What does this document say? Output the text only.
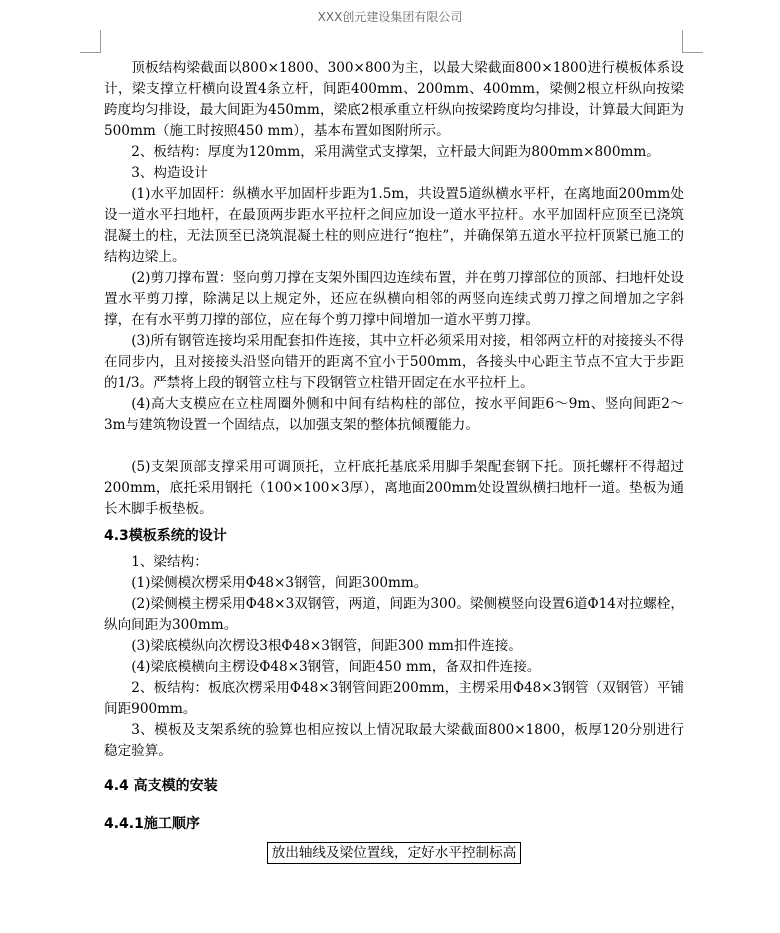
XXX创元建设集团有限公司

顶板结构梁截面以800×1800、300×800为主，以最大梁截面800×1800进行模板体系设计，梁支撑立杆横向设置4条立杆，间距400mm、200mm、400mm，梁侧2根立杆纵向按梁跨度均匀排设，最大间距为450mm，梁底2根承重立杆纵向按梁跨度均匀排设，计算最大间距为500mm（施工时按照450 mm），基本布置如图附所示。

2、板结构：厚度为120mm，采用满堂式支撑架，立杆最大间距为800mm×800mm。

3、构造设计

(1)水平加固杆：纵横水平加固杆步距为1.5m，共设置5道纵横水平杆，在离地面200mm处设一道水平扫地杆，在最顶两步距水平拉杆之间应加设一道水平拉杆。水平加固杆应顶至已浇筑混凝土的柱，无法顶至已浇筑混凝土柱的则应进行“抱柱”，并确保第五道水平拉杆顶紧已施工的结构边梁上。

(2)剪刀撑布置：竖向剪刀撑在支架外围四边连续布置，并在剪刀撑部位的顶部、扫地杆处设置水平剪刀撑，除满足以上规定外，还应在纵横向相邻的两竖向连续式剪刀撑之间增加之字斜撑，在有水平剪刀撑的部位，应在每个剪刀撑中间增加一道水平剪刀撑。

(3)所有钢管连接均采用配套扣件连接，其中立杆必须采用对接，相邻两立杆的对接接头不得在同步内，且对接接头沿竖向错开的距离不宜小于500mm，各接头中心距主节点不宜大于步距的1/3。严禁将上段的钢管立柱与下段钢管立柱错开固定在水平拉杆上。

(4)高大支模应在立柱周圈外侧和中间有结构柱的部位，按水平间距6～9m、竖向间距2～3m与建筑物设置一个固结点，以加强支架的整体抗倾覆能力。

(5)支架顶部支撑采用可调顶托，立杆底托基底采用脚手架配套钢下托。顶托螺杆不得超过200mm，底托采用钢托（100×100×3厚），离地面200mm处设置纵横扫地杆一道。垫板为通长木脚手板垫板。

4.3模板系统的设计

1、梁结构：

(1)梁侧模次楞采用Φ48×3钢管，间距300mm。

(2)梁侧模主楞采用Φ48×3双钢管，两道，间距为300。梁侧模竖向设置6道Φ14对拉螺栓，纵向间距为300mm。

(3)梁底模纵向次楞设3根Φ48×3钢管，间距300 mm扣件连接。

(4)梁底模横向主楞设Φ48×3钢管，间距450 mm，备双扣件连接。

2、板结构：板底次楞采用Φ48×3钢管间距200mm，主楞采用Φ48×3钢管（双钢管）平铺间距900mm。

3、模板及支架系统的验算也相应按以上情况取最大梁截面800×1800，板厚120分别进行稳定验算。

4.4 高支模的安装

4.4.1施工顺序

放出轴线及梁位置线，定好水平控制标高
